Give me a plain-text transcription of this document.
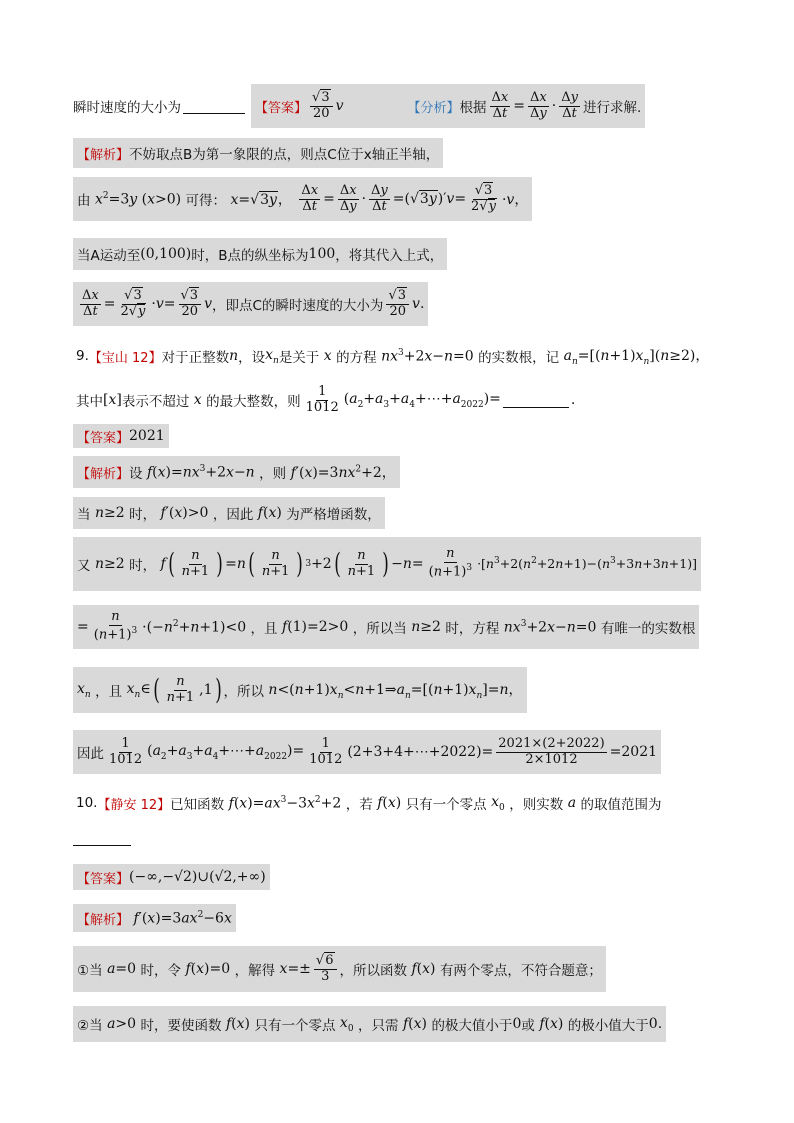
瞬时速度的大小为	【答案】 $\frac{√3}{20}$ v	【分析】 根据 $\frac{\Delta x}{\Delta t} = \frac{\Delta x}{\Delta y} \cdot \frac{\Delta y}{\Delta t}$ 进行求解.
【解析】 不妨取点B为第一象限的点，则点C位于x轴正半轴，
由 $x^2=3y$ (x>0) 可得： x=√3y， $\frac{\Delta x}{\Delta t} = \frac{\Delta x}{\Delta y} \cdot \frac{\Delta y}{\Delta t} =(√3y)'v= \frac{√3}{2√y} \cdot v$，
当A运动至 (0,100) 时，B点的纵坐标为 100 ，将其代入上式，
$\frac{\Delta x}{\Delta t} = \frac{√3}{2√y} \cdot v= \frac{√3}{20}$ v ，即点C的瞬时速度的大小为 $\frac{√3}{20} v$.
9. 【宝山 12】 对于正整数 n ，设 $x_n$ 是关于 x 的方程 $nx^3+2x-n=0$ 的实数根，记 $a_n=[(n+1)x_n](n\ge 2)$，
其中 [x] 表示不超过 x 的最大整数，则 $\frac{1}{1012}$ $(a_2+a_3+a_4+\cdots+a_{2022})=$	.
【答案】 2021
【解析】 设 $f(x)=nx^3+2x-n$ ，则 $f'(x)=3nx^2+2$，
当 n≥2 时， f′(x)>0 ，因此 f(x) 为严格增函数，
又 n≥2 时， f ( $\frac{n}{n+1}$ ) =n ( $\frac{n}{n+1}$ ) 3 +2 ( $\frac{n}{n+1}$ ) $-n= \frac{n}{(n+1)^3} \cdot[n^3+2(n^2+2n+1)-(n^3+3n+3n+1)]$
= $\frac{n}{(n+1)^3} \cdot(-n^2+n+1)<0$ ，且 f(1)=2>0 ，所以当 n≥2 时，方程 $nx^3+2x-n=0$ 有唯一的实数根
$x_n$ ，且 $x_n\in$ ( $\frac{n}{n+1} ,1$ ) ，所以 $n<(n+1)x_n<n+1\Rightarrow a_n=[(n+1)x_n]=n$，
因此 $\frac{1}{1012}$ $(a_2+a_3+a_4+\cdots+a_{2022})= \frac{1}{1012}$ (2+3+4+⋯+2022)= $\frac{2021\times(2+2022)}{2\times 1012} =2021$
10. 【静安 12】 已知函数 $f(x)=ax^3-3x^2+2$ ，若 f(x) 只有一个零点 $x_0$ ，则实数 a 的取值范围为
【答案】 (−∞,−√2)∪(√2,+∞)
【解析】 $f'(x)=3ax^2-6x$
①当 a=0 时，令 f(x)=0 ，解得 $x=\pm \frac{√6}{3}$ ，所以函数 f(x) 有两个零点，不符合题意；
②当 a>0 时，要使函数 f(x) 只有一个零点 $x_0$ ，只需 f(x) 的极大值小于 0 或 f(x) 的极小值大于 0.
